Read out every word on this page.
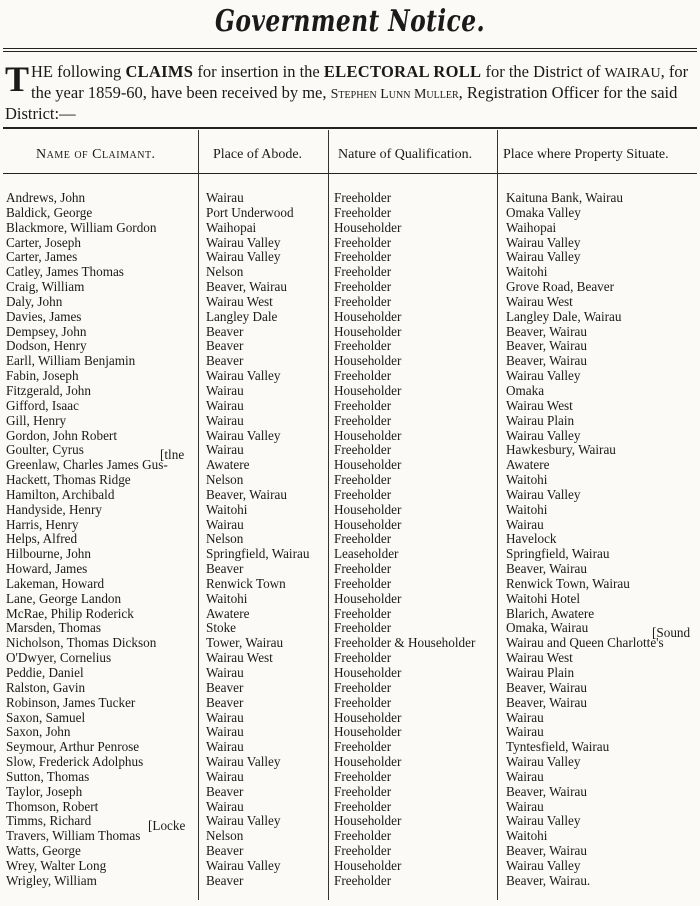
Government Notice.
THE following CLAIMS for insertion in the ELECTORAL ROLL for the District of WAIRAU, for the year 1859-60, have been received by me, Stephen Lunn Muller, Registration Officer for the said District:—
Name of Claimant.	Place of Abode.	Nature of Qualification. Place where Property Situate.
Andrews, John
Baldick, George
Blackmore, William Gordon
Carter, Joseph
Carter, James
Catley, James Thomas
Craig, William
Daly, John
Davies, James
Dempsey, John
Dodson, Henry
Earll, William Benjamin
Fabin, Joseph
Fitzgerald, John
Gifford, Isaac
Gill, Henry
Gordon, John Robert
Goulter, Cyrus
Greenlaw, Charles James Gus-
Hackett, Thomas Ridge
Hamilton, Archibald
Handyside, Henry
Harris, Henry
Helps, Alfred
Hilbourne, John
Howard, James
Lakeman, Howard
Lane, George Landon
McRae, Philip Roderick
Marsden, Thomas
Nicholson, Thomas Dickson
O'Dwyer, Cornelius
Peddie, Daniel
Ralston, Gavin
Robinson, James Tucker
Saxon, Samuel
Saxon, John
Seymour, Arthur Penrose
Slow, Frederick Adolphus
Sutton, Thomas
Taylor, Joseph
Thomson, Robert
Timms, Richard
Travers, William Thomas
Watts, George
Wrey, Walter Long
Wrigley, William
Wairau
Port Underwood
Waihopai
Wairau Valley
Wairau Valley
Nelson
Beaver, Wairau
Wairau West
Langley Dale
Beaver
Beaver
Beaver
Wairau Valley
Wairau
Wairau
Wairau
Wairau Valley
Wairau
Awatere
Nelson
Beaver, Wairau
Waitohi
Wairau
Nelson
Springfield, Wairau
Beaver
Renwick Town
Waitohi
Awatere
Stoke
Tower, Wairau
Wairau West
Wairau
Beaver
Beaver
Wairau
Wairau
Wairau
Wairau Valley
Wairau
Beaver
Wairau
Wairau Valley
Nelson
Beaver
Wairau Valley
Beaver
Freeholder
Freeholder
Householder
Freeholder
Freeholder
Freeholder
Freeholder
Freeholder
Householder
Householder
Freeholder
Householder
Freeholder
Householder
Freeholder
Freeholder
Householder
Freeholder
Householder
Freeholder
Freeholder
Householder
Householder
Freeholder
Leaseholder
Freeholder
Freeholder
Householder
Freeholder
Freeholder
Freeholder & Householder
Freeholder
Householder
Freeholder
Freeholder
Householder
Householder
Freeholder
Householder
Freeholder
Freeholder
Freeholder
Householder
Freeholder
Freeholder
Householder
Freeholder
Kaituna Bank, Wairau
Omaka Valley
Waihopai
Wairau Valley
Wairau Valley
Waitohi
Grove Road, Beaver
Wairau West
Langley Dale, Wairau
Beaver, Wairau
Beaver, Wairau
Beaver, Wairau
Wairau Valley
Omaka
Wairau West
Wairau Plain
Wairau Valley
Hawkesbury, Wairau
Awatere
Waitohi
Wairau Valley
Waitohi
Wairau
Havelock
Springfield, Wairau
Beaver, Wairau
Renwick Town, Wairau
Waitohi Hotel
Blarich, Awatere
Omaka, Wairau
Wairau and Queen Charlotte's
Wairau West
Wairau Plain
Beaver, Wairau
Beaver, Wairau
Wairau
Wairau
Tyntesfield, Wairau
Wairau Valley
Wairau
Beaver, Wairau
Wairau
Wairau Valley
Waitohi
Beaver, Wairau
Wairau Valley
Beaver, Wairau.
[tlne
[Sound
[Locke
